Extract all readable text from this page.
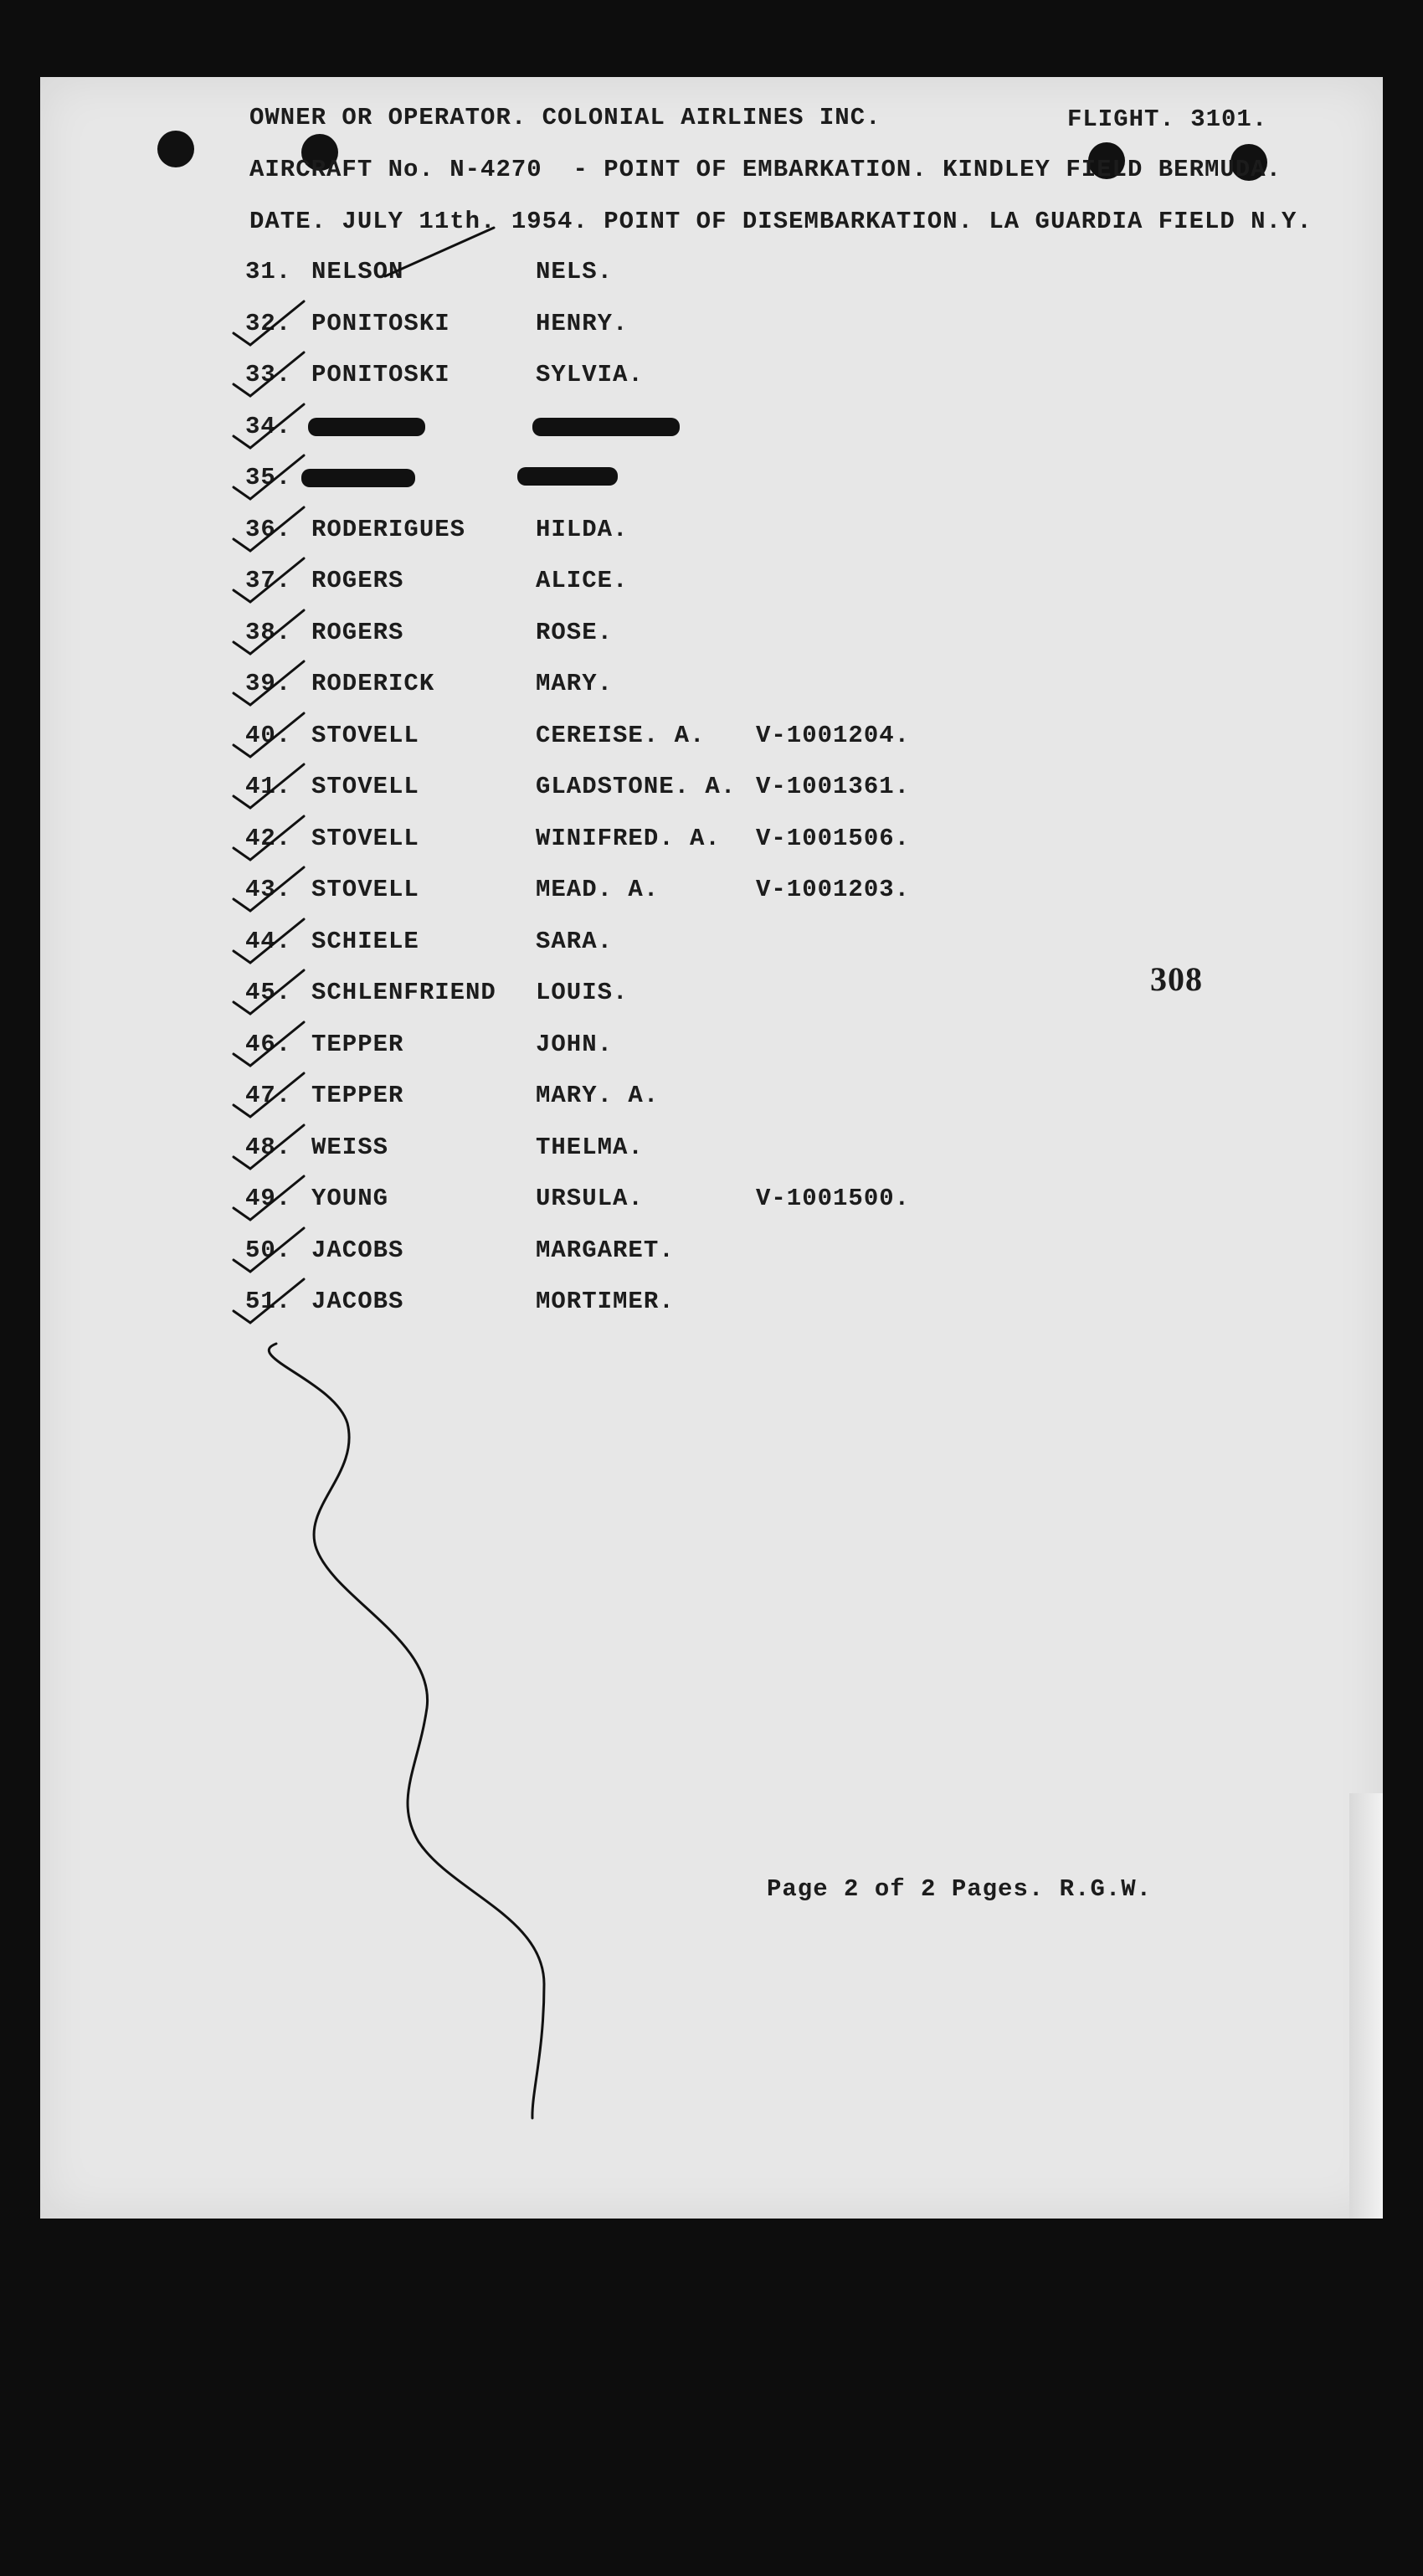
OWNER OR OPERATOR. COLONIAL AIRLINES INC.	FLIGHT. 3101.
AIRCRAFT No. N-4270  - POINT OF EMBARKATION. KINDLEY FIELD BERMUDA.
DATE. JULY 11th. 1954. POINT OF DISEMBARKATION. LA GUARDIA FIELD N.Y.
31. NELSON	NELS.
32. PONITOSKI	HENRY.
33. PONITOSKI	SYLVIA.
34.
35.
36. RODERIGUES	HILDA.
37. ROGERS	ALICE.
38. ROGERS	ROSE.
39. RODERICK	MARY.
40. STOVELL	CEREISE. A. V-1001204.
41. STOVELL	GLADSTONE. A. V-1001361.
42. STOVELL	WINIFRED. A. V-1001506.
43. STOVELL	MEAD. A.	V-1001203.
44. SCHIELE	SARA.
45. SCHLENFRIEND LOUIS.
46. TEPPER	JOHN.
47. TEPPER	MARY. A.
48. WEISS	THELMA.
49. YOUNG	URSULA.	V-1001500.
50. JACOBS	MARGARET.
51. JACOBS	MORTIMER.
308
Page 2 of 2 Pages. R.G.W.
